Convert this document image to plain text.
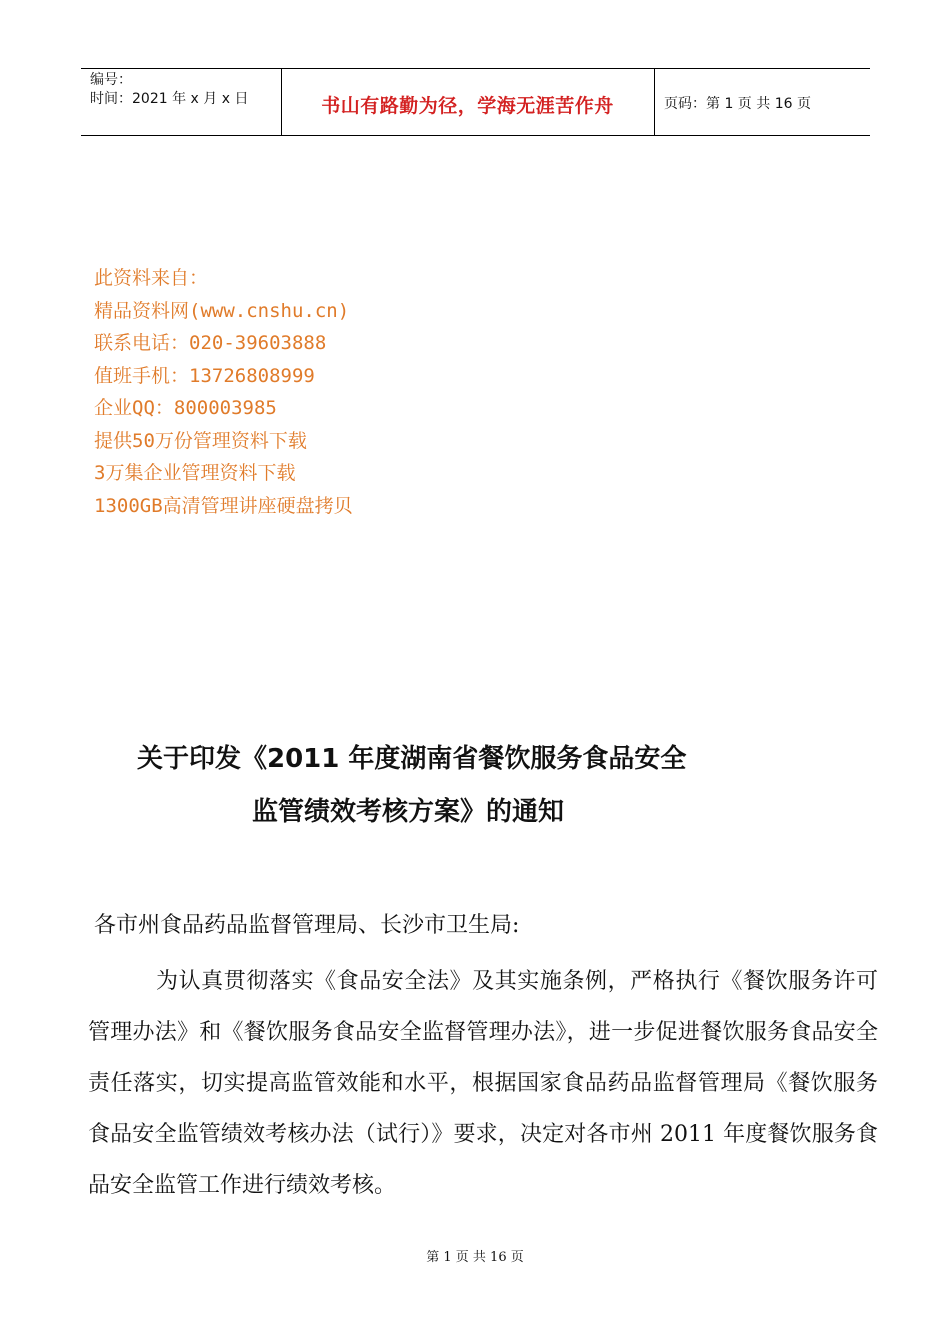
编号：
时间：2021 年 x 月 x 日	书山有路勤为径，学海无涯苦作舟	页码：第 1 页 共 16 页
此资料来自：
精品资料网(www.cnshu.cn)
联系电话：020-39603888
值班手机：13726808999
企业QQ：800003985
提供50万份管理资料下载
3万集企业管理资料下载
1300GB高清管理讲座硬盘拷贝
关于印发《2011 年度湖南省餐饮服务食品安全
监管绩效考核方案》的通知
各市州食品药品监督管理局、长沙市卫生局:
为认真贯彻落实《食品安全法》及其实施条例，严格执行《餐饮服务许可管理办法》和《餐饮服务食品安全监督管理办法》，进一步促进餐饮服务食品安全责任落实，切实提高监管效能和水平，根据国家食品药品监督管理局《餐饮服务食品安全监管绩效考核办法（试行）》要求，决定对各市州 2011 年度餐饮服务食品安全监管工作进行绩效考核。
第 1 页 共 16 页
